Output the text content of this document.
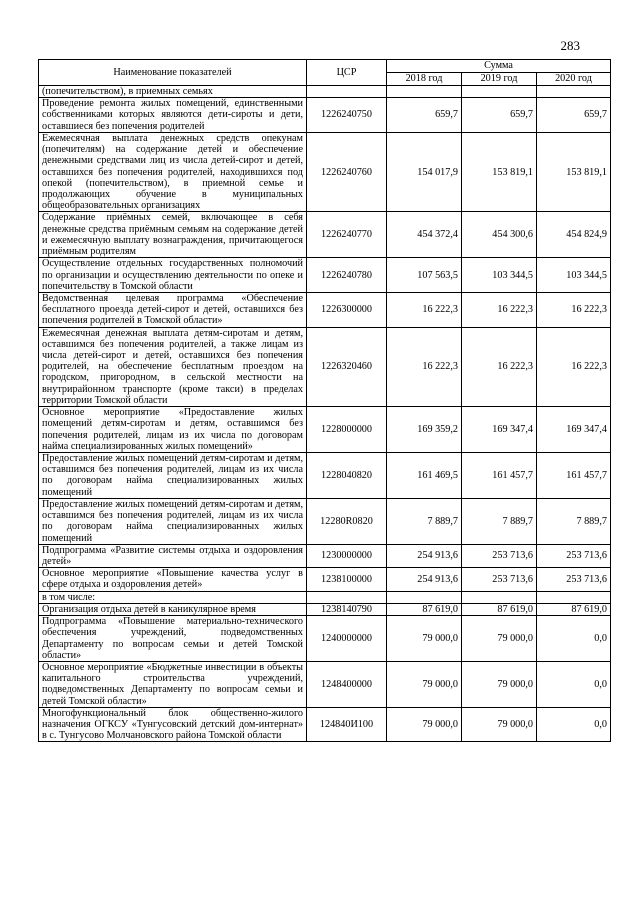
283
Наименование показателей	ЦСР	Сумма		
		2018 год	2019 год	2020 год
(попечительством), в приемных семьях				
Проведение ремонта жилых помещений, единственными собственниками которых являются дети-сироты и дети, оставшиеся без попечения родителей	1226240750	659,7	659,7	659,7
Ежемесячная выплата денежных средств опекунам (попечителям) на содержание детей и обеспечение денежными средствами лиц из числа детей-сирот и детей, оставшихся без попечения родителей, находившихся под опекой (попечительством), в приемной семье и продолжающих обучение в муниципальных общеобразовательных организациях	1226240760	154 017,9	153 819,1	153 819,1
Содержание приёмных семей, включающее в себя денежные средства приёмным семьям на содержание детей и ежемесячную выплату вознаграждения, причитающегося приёмным родителям	1226240770	454 372,4	454 300,6	454 824,9
Осуществление отдельных государственных полномочий по организации и осуществлению деятельности по опеке и попечительству в Томской области	1226240780	107 563,5	103 344,5	103 344,5
Ведомственная целевая программа «Обеспечение бесплатного проезда детей-сирот и детей, оставшихся без попечения родителей в Томской области»	1226300000	16 222,3	16 222,3	16 222,3
Ежемесячная денежная выплата детям-сиротам и детям, оставшимся без попечения родителей, а также лицам из числа детей-сирот и детей, оставшихся без попечения родителей, на обеспечение бесплатным проездом на городском, пригородном, в сельской местности на внутрирайонном транспорте (кроме такси) в пределах территории Томской области	1226320460	16 222,3	16 222,3	16 222,3
Основное мероприятие «Предоставление жилых помещений детям-сиротам и детям, оставшимся без попечения родителей, лицам из их числа по договорам найма специализированных жилых помещений»	1228000000	169 359,2	169 347,4	169 347,4
Предоставление жилых помещений детям-сиротам и детям, оставшимся без попечения родителей, лицам из их числа по договорам найма специализированных жилых помещений	1228040820	161 469,5	161 457,7	161 457,7
Предоставление жилых помещений детям-сиротам и детям, оставшимся без попечения родителей, лицам из их числа по договорам найма специализированных жилых помещений	12280R0820	7 889,7	7 889,7	7 889,7
Подпрограмма «Развитие системы отдыха и оздоровления детей»	1230000000	254 913,6	253 713,6	253 713,6
Основное мероприятие «Повышение качества услуг в сфере отдыха и оздоровления детей»	1238100000	254 913,6	253 713,6	253 713,6
в том числе:				
Организация отдыха детей в каникулярное время	1238140790	87 619,0	87 619,0	87 619,0
Подпрограмма «Повышение материально-технического обеспечения учреждений, подведомственных Департаменту по вопросам семьи и детей Томской области»	1240000000	79 000,0	79 000,0	0,0
Основное мероприятие «Бюджетные инвестиции в объекты капитального строительства учреждений, подведомственных Департаменту по вопросам семьи и детей Томской области»	1248400000	79 000,0	79 000,0	0,0
Многофункциональный блок общественно-жилого назначения ОГКСУ «Тунгусовский детский дом-интернат» в с. Тунгусово Молчановского района Томской области	124840И100	79 000,0	79 000,0	0,0
